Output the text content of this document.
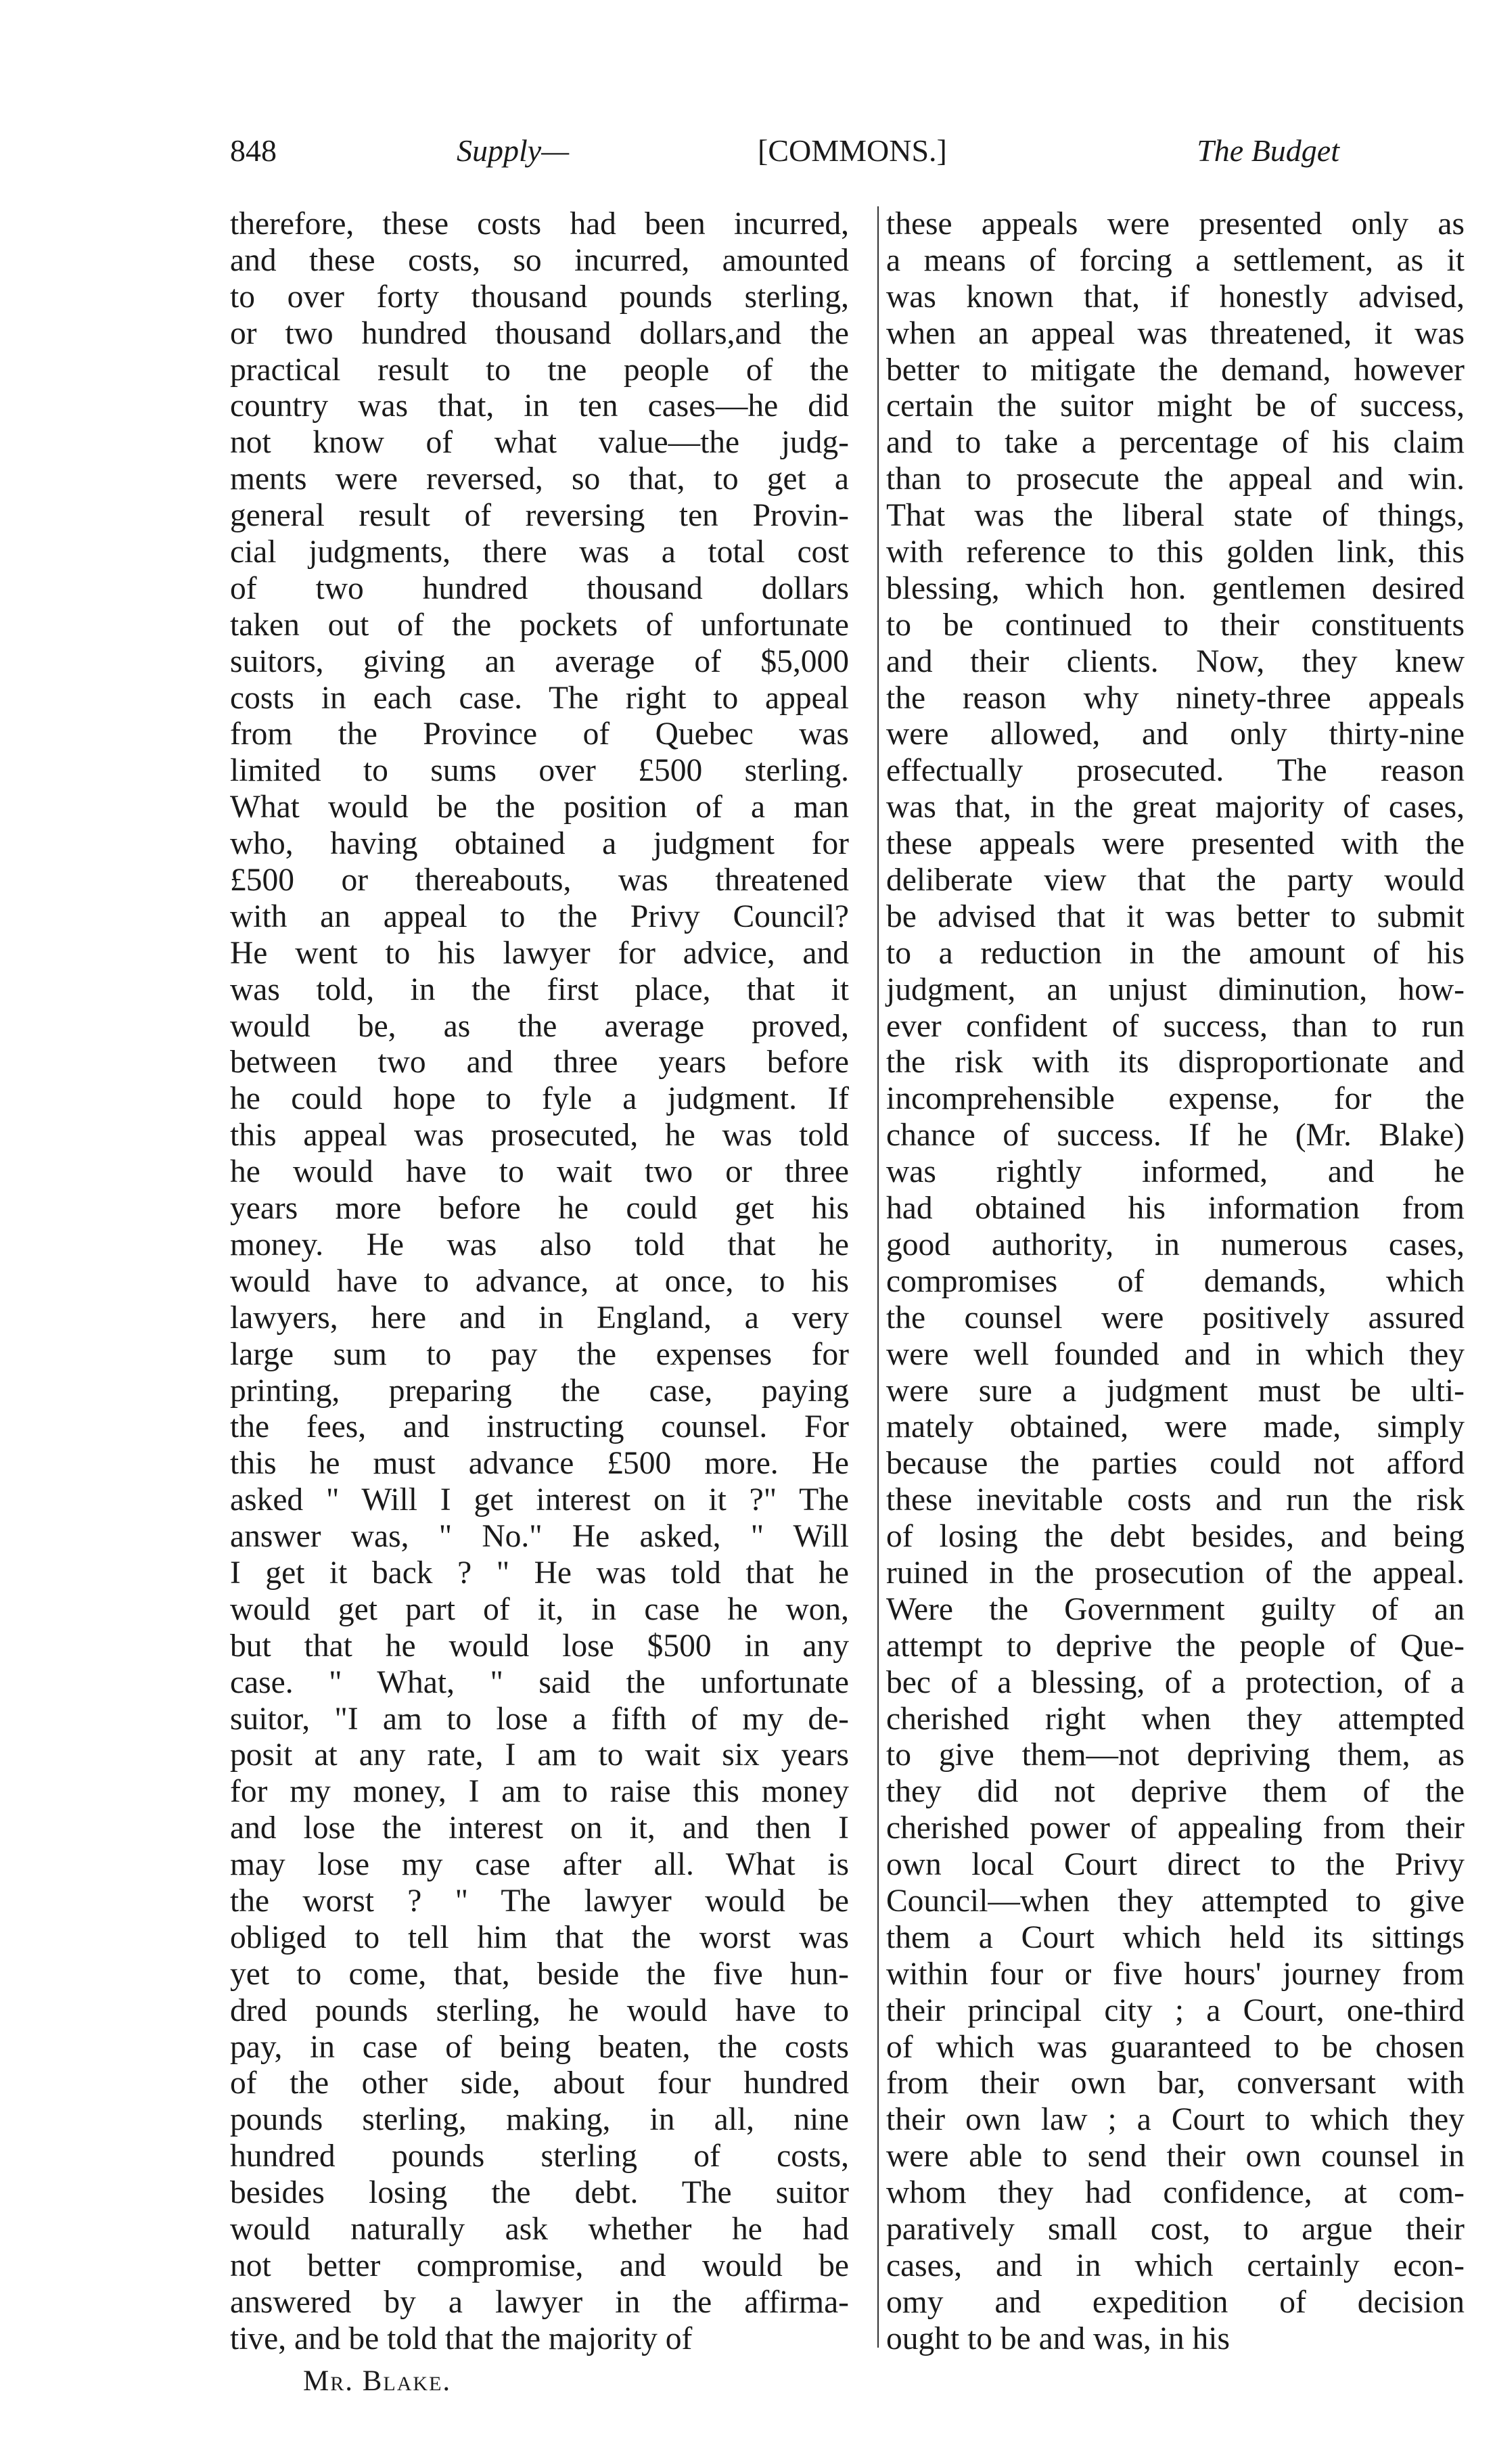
848	Supply—	[COMMONS.]	The Budget
therefore, these costs had been incurred,
and these costs, so incurred, amounted
to over forty thousand pounds sterling,
or two hundred thousand dollars,and the
practical result to tne people of the
country was that, in ten cases—he did
not know of what value—the judg-
ments were reversed, so that, to get a
general result of reversing ten Provin-
cial judgments, there was a total cost
of two hundred thousand dollars
taken out of the pockets of unfortunate
suitors, giving an average of $5,000
costs in each case. The right to appeal
from the Province of Quebec was
limited to sums over £500 sterling.
What would be the position of a man
who, having obtained a judgment for
£500 or thereabouts, was threatened
with an appeal to the Privy Council?
He went to his lawyer for advice, and
was told, in the first place, that it
would be, as the average proved,
between two and three years before
he could hope to fyle a judgment. If
this appeal was prosecuted, he was told
he would have to wait two or three
years more before he could get his
money. He was also told that he
would have to advance, at once, to his
lawyers, here and in England, a very
large sum to pay the expenses for
printing, preparing the case, paying
the fees, and instructing counsel. For
this he must advance £500 more. He
asked " Will I get interest on it ?" The
answer was, " No." He asked, " Will
I get it back ? " He was told that he
would get part of it, in case he won,
but that he would lose $500 in any
case. " What, " said the unfortunate
suitor, "I am to lose a fifth of my de-
posit at any rate, I am to wait six years
for my money, I am to raise this money
and lose the interest on it, and then I
may lose my case after all. What is
the worst ? " The lawyer would be
obliged to tell him that the worst was
yet to come, that, beside the five hun-
dred pounds sterling, he would have to
pay, in case of being beaten, the costs
of the other side, about four hundred
pounds sterling, making, in all, nine
hundred pounds sterling of costs,
besides losing the debt. The suitor
would naturally ask whether he had
not better compromise, and would be
answered by a lawyer in the affirma-
tive, and be told that the majority of
these appeals were presented only as
a means of forcing a settlement, as it
was known that, if honestly advised,
when an appeal was threatened, it was
better to mitigate the demand, however
certain the suitor might be of success,
and to take a percentage of his claim
than to prosecute the appeal and win.
That was the liberal state of things,
with reference to this golden link, this
blessing, which hon. gentlemen desired
to be continued to their constituents
and their clients. Now, they knew
the reason why ninety-three appeals
were allowed, and only thirty-nine
effectually prosecuted. The reason
was that, in the great majority of cases,
these appeals were presented with the
deliberate view that the party would
be advised that it was better to submit
to a reduction in the amount of his
judgment, an unjust diminution, how-
ever confident of success, than to run
the risk with its disproportionate and
incomprehensible expense, for the
chance of success. If he (Mr. Blake)
was rightly informed, and he
had obtained his information from
good authority, in numerous cases,
compromises of demands, which
the counsel were positively assured
were well founded and in which they
were sure a judgment must be ulti-
mately obtained, were made, simply
because the parties could not afford
these inevitable costs and run the risk
of losing the debt besides, and being
ruined in the prosecution of the appeal.
Were the Government guilty of an
attempt to deprive the people of Que-
bec of a blessing, of a protection, of a
cherished right when they attempted
to give them—not depriving them, as
they did not deprive them of the
cherished power of appealing from their
own local Court direct to the Privy
Council—when they attempted to give
them a Court which held its sittings
within four or five hours' journey from
their principal city ; a Court, one-third
of which was guaranteed to be chosen
from their own bar, conversant with
their own law ; a Court to which they
were able to send their own counsel in
whom they had confidence, at com-
paratively small cost, to argue their
cases, and in which certainly econ-
omy and expedition of decision
ought to be and was, in his
Mr. Blake.
